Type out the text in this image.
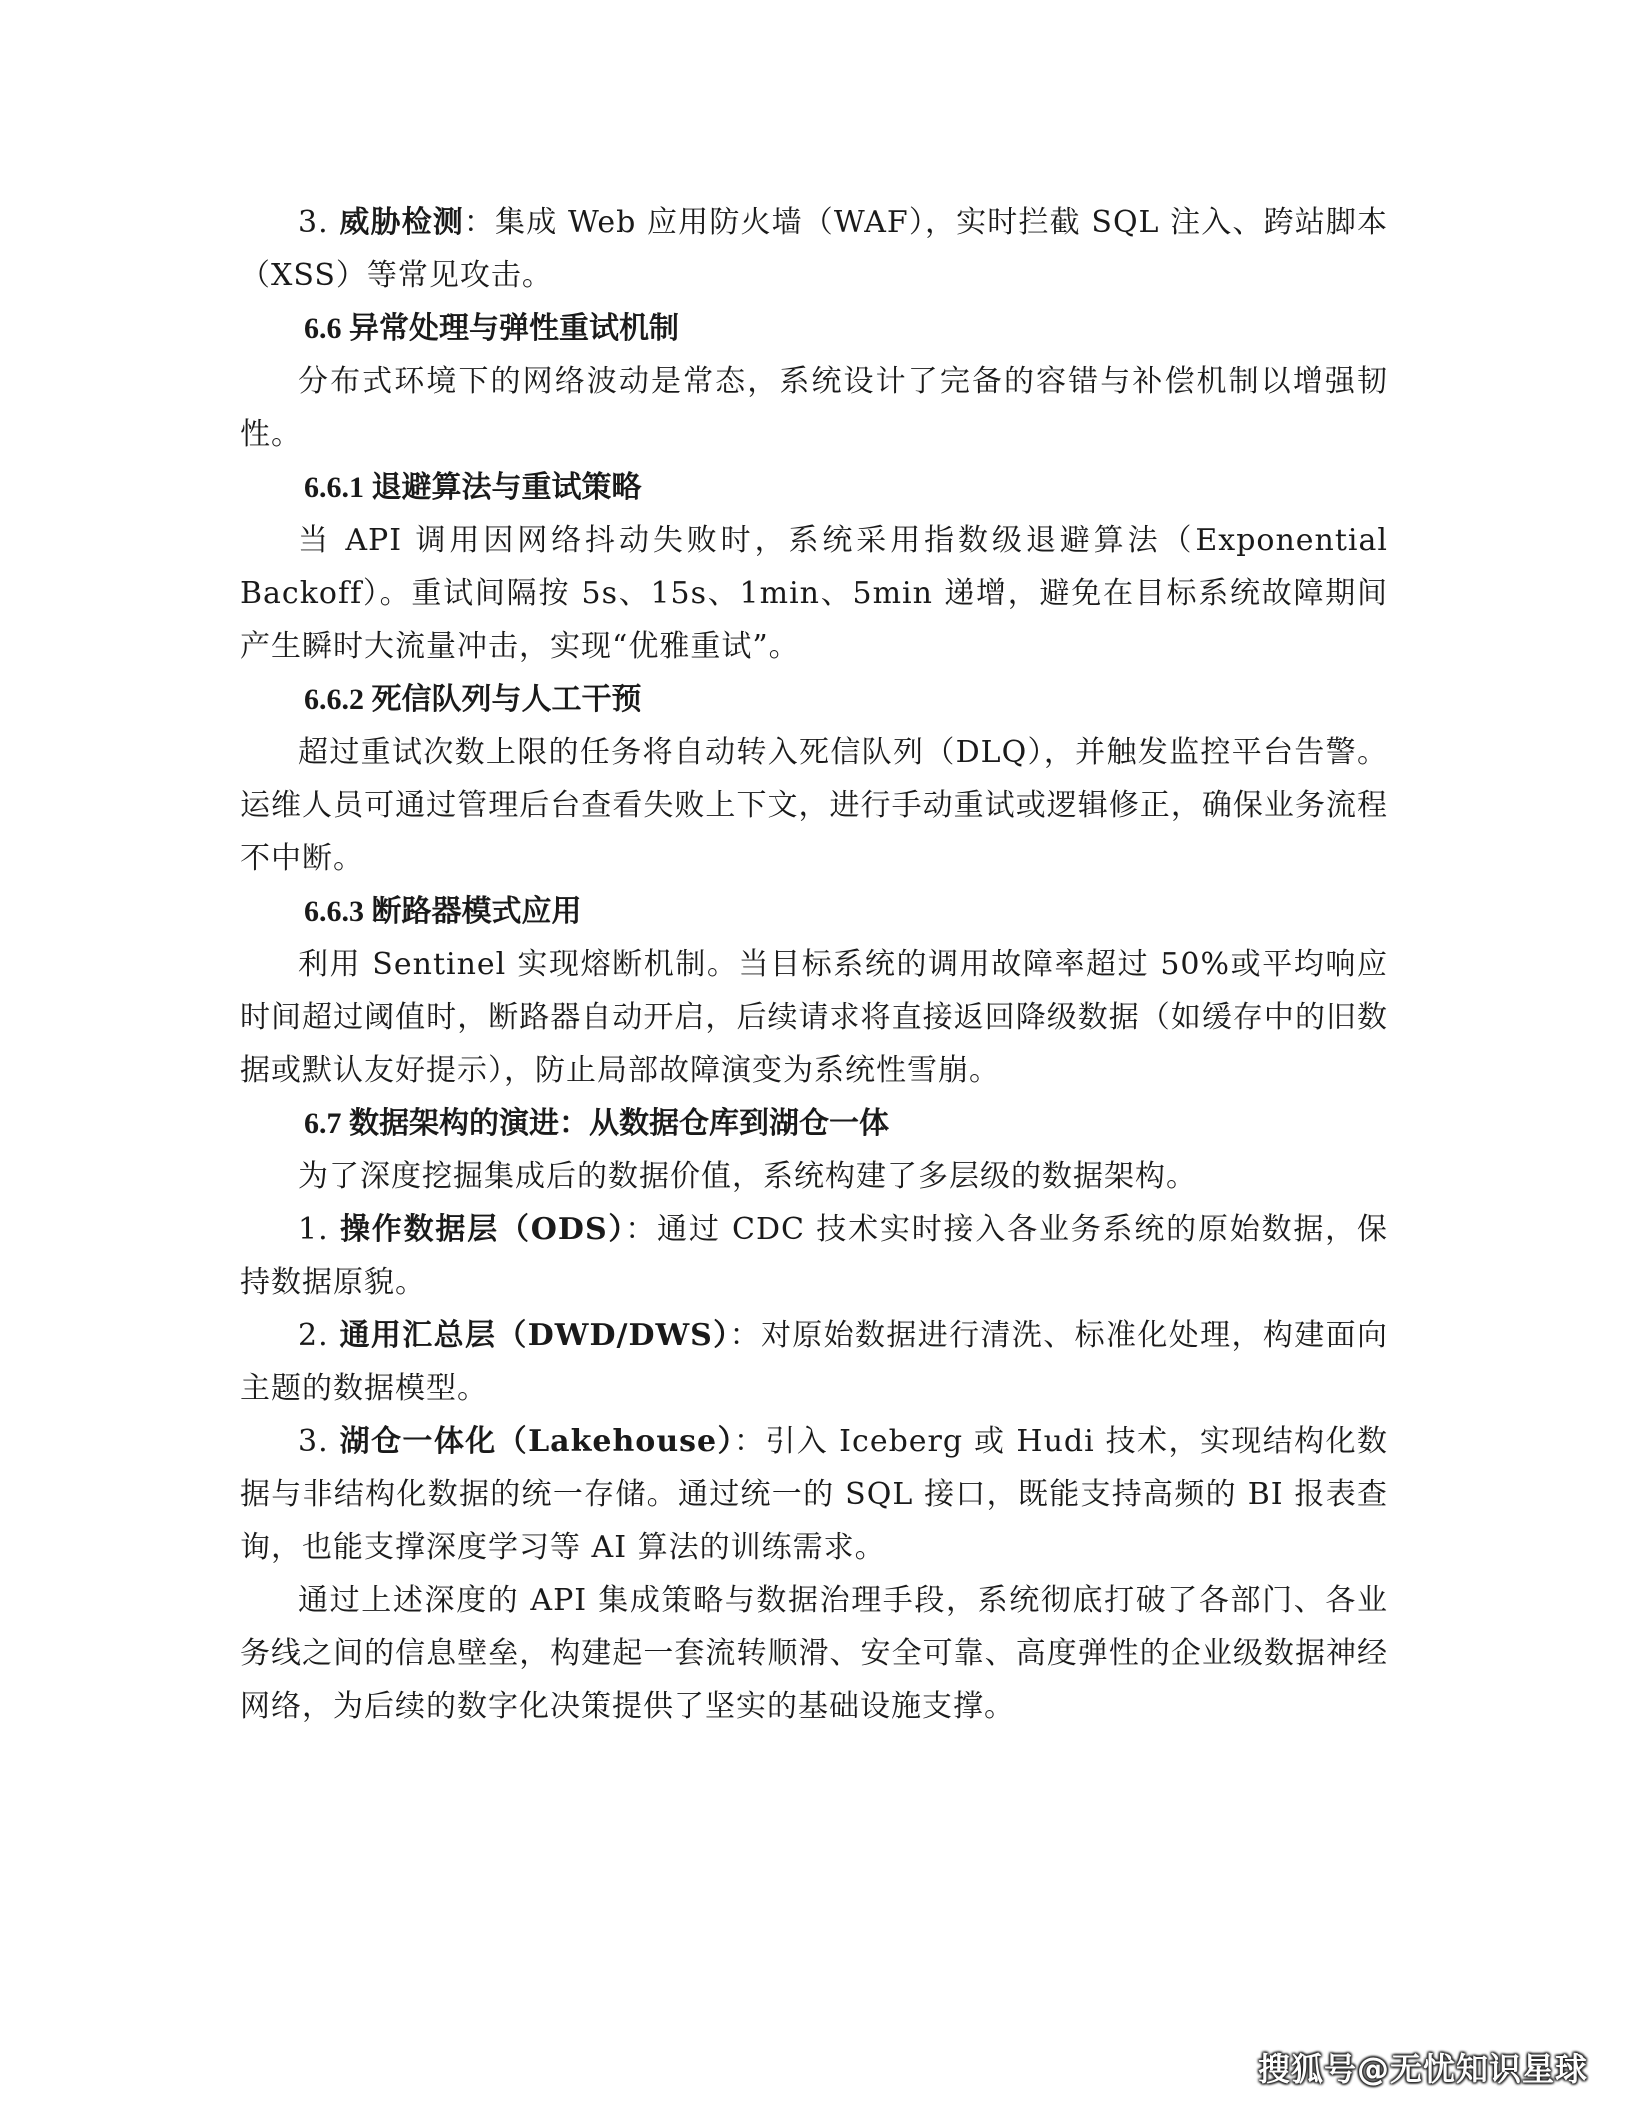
3. 威胁检测：集成 Web 应用防火墙（WAF），实时拦截 SQL 注入、跨站脚本（XSS）等常见攻击。

6.6 异常处理与弹性重试机制

分布式环境下的网络波动是常态，系统设计了完备的容错与补偿机制以增强韧性。

6.6.1 退避算法与重试策略

当 API 调用因网络抖动失败时，系统采用指数级退避算法（Exponential Backoff）。重试间隔按 5s、15s、1min、5min 递增，避免在目标系统故障期间产生瞬时大流量冲击，实现“优雅重试”。

6.6.2 死信队列与人工干预

超过重试次数上限的任务将自动转入死信队列（DLQ），并触发监控平台告警。运维人员可通过管理后台查看失败上下文，进行手动重试或逻辑修正，确保业务流程不中断。

6.6.3 断路器模式应用

利用 Sentinel 实现熔断机制。当目标系统的调用故障率超过 50%或平均响应时间超过阈值时，断路器自动开启，后续请求将直接返回降级数据（如缓存中的旧数据或默认友好提示），防止局部故障演变为系统性雪崩。

6.7 数据架构的演进：从数据仓库到湖仓一体

为了深度挖掘集成后的数据价值，系统构建了多层级的数据架构。

1. 操作数据层（ODS）：通过 CDC 技术实时接入各业务系统的原始数据，保持数据原貌。

2. 通用汇总层（DWD/DWS）：对原始数据进行清洗、标准化处理，构建面向主题的数据模型。

3. 湖仓一体化（Lakehouse）：引入 Iceberg 或 Hudi 技术，实现结构化数据与非结构化数据的统一存储。通过统一的 SQL 接口，既能支持高频的 BI 报表查询，也能支撑深度学习等 AI 算法的训练需求。

通过上述深度的 API 集成策略与数据治理手段，系统彻底打破了各部门、各业务线之间的信息壁垒，构建起一套流转顺滑、安全可靠、高度弹性的企业级数据神经网络，为后续的数字化决策提供了坚实的基础设施支撑。

搜狐号@无忧知识星球
